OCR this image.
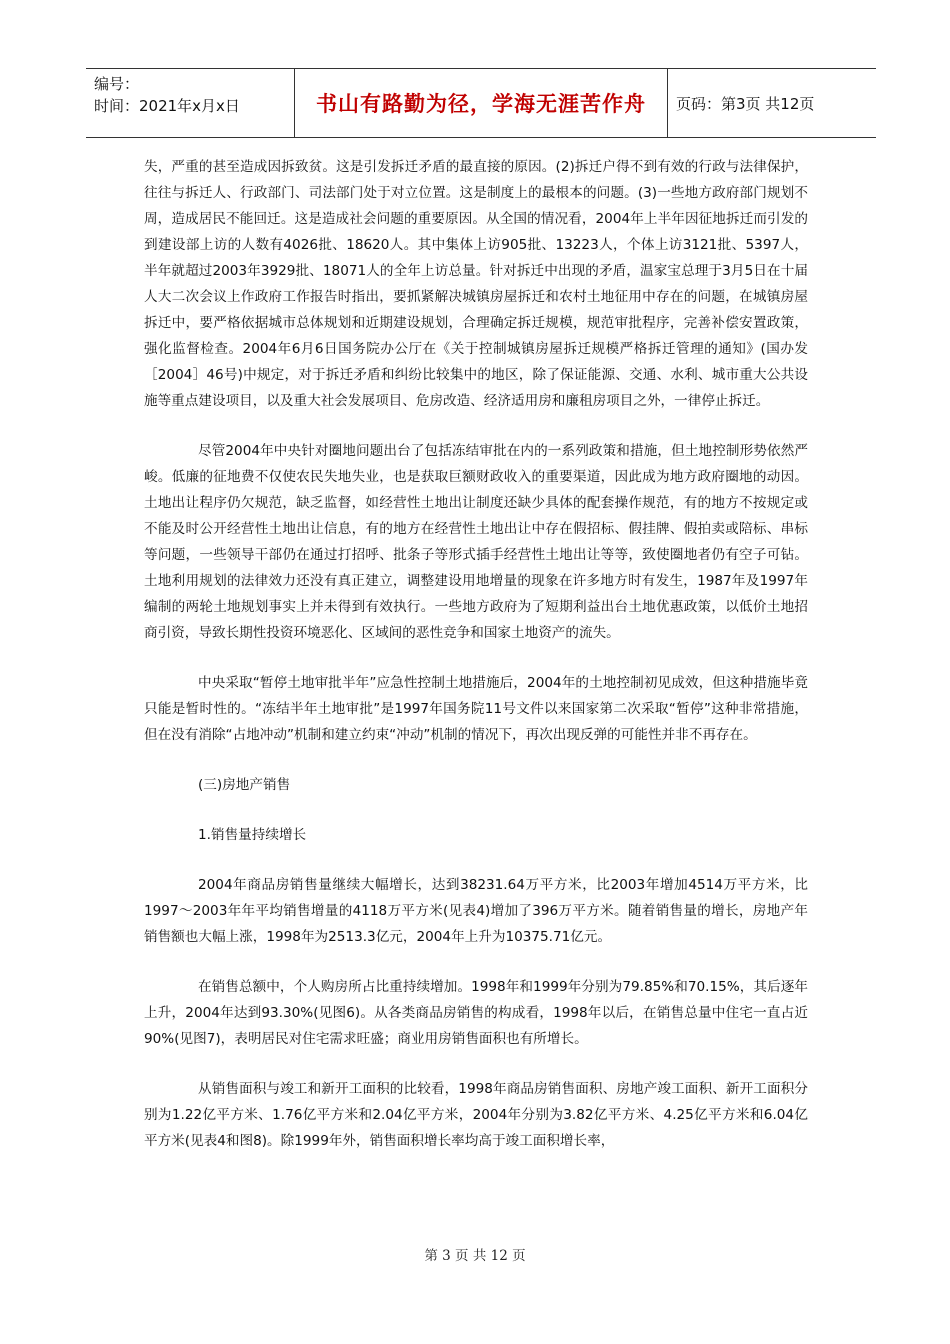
编号：
时间：2021年x月x日	书山有路勤为径，学海无涯苦作舟	页码：第3页 共12页

失，严重的甚至造成因拆致贫。这是引发拆迁矛盾的最直接的原因。(2)拆迁户得不到有效的行政与法律保护，往往与拆迁人、行政部门、司法部门处于对立位置。这是制度上的最根本的问题。(3)一些地方政府部门规划不周，造成居民不能回迁。这是造成社会问题的重要原因。从全国的情况看，2004年上半年因征地拆迁而引发的到建设部上访的人数有4026批、18620人。其中集体上访905批、13223人，个体上访3121批、5397人，半年就超过2003年3929批、18071人的全年上访总量。针对拆迁中出现的矛盾，温家宝总理于3月5日在十届人大二次会议上作政府工作报告时指出，要抓紧解决城镇房屋拆迁和农村土地征用中存在的问题，在城镇房屋拆迁中，要严格依据城市总体规划和近期建设规划，合理确定拆迁规模，规范审批程序，完善补偿安置政策，强化监督检查。2004年6月6日国务院办公厅在《关于控制城镇房屋拆迁规模严格拆迁管理的通知》(国办发［2004］46号)中规定，对于拆迁矛盾和纠纷比较集中的地区，除了保证能源、交通、水利、城市重大公共设施等重点建设项目，以及重大社会发展项目、危房改造、经济适用房和廉租房项目之外，一律停止拆迁。

尽管2004年中央针对圈地问题出台了包括冻结审批在内的一系列政策和措施，但土地控制形势依然严峻。低廉的征地费不仅使农民失地失业，也是获取巨额财政收入的重要渠道，因此成为地方政府圈地的动因。土地出让程序仍欠规范，缺乏监督，如经营性土地出让制度还缺少具体的配套操作规范，有的地方不按规定或不能及时公开经营性土地出让信息，有的地方在经营性土地出让中存在假招标、假挂牌、假拍卖或陪标、串标等问题，一些领导干部仍在通过打招呼、批条子等形式插手经营性土地出让等等，致使圈地者仍有空子可钻。土地利用规划的法律效力还没有真正建立，调整建设用地增量的现象在许多地方时有发生，1987年及1997年编制的两轮土地规划事实上并未得到有效执行。一些地方政府为了短期利益出台土地优惠政策，以低价土地招商引资，导致长期性投资环境恶化、区域间的恶性竞争和国家土地资产的流失。

中央采取“暂停土地审批半年”应急性控制土地措施后，2004年的土地控制初见成效，但这种措施毕竟只能是暂时性的。“冻结半年土地审批”是1997年国务院11号文件以来国家第二次采取“暂停”这种非常措施，但在没有消除“占地冲动”机制和建立约束“冲动”机制的情况下，再次出现反弹的可能性并非不再存在。

(三)房地产销售

1.销售量持续增长

2004年商品房销售量继续大幅增长，达到38231.64万平方米，比2003年增加4514万平方米，比1997～2003年年平均销售增量的4118万平方米(见表4)增加了396万平方米。随着销售量的增长，房地产年销售额也大幅上涨，1998年为2513.3亿元，2004年上升为10375.71亿元。

在销售总额中，个人购房所占比重持续增加。1998年和1999年分别为79.85%和70.15%，其后逐年上升，2004年达到93.30%(见图6)。从各类商品房销售的构成看，1998年以后，在销售总量中住宅一直占近90%(见图7)，表明居民对住宅需求旺盛；商业用房销售面积也有所增长。

从销售面积与竣工和新开工面积的比较看，1998年商品房销售面积、房地产竣工面积、新开工面积分别为1.22亿平方米、1.76亿平方米和2.04亿平方米，2004年分别为3.82亿平方米、4.25亿平方米和6.04亿平方米(见表4和图8)。除1999年外，销售面积增长率均高于竣工面积增长率，

第 3 页 共 12 页
